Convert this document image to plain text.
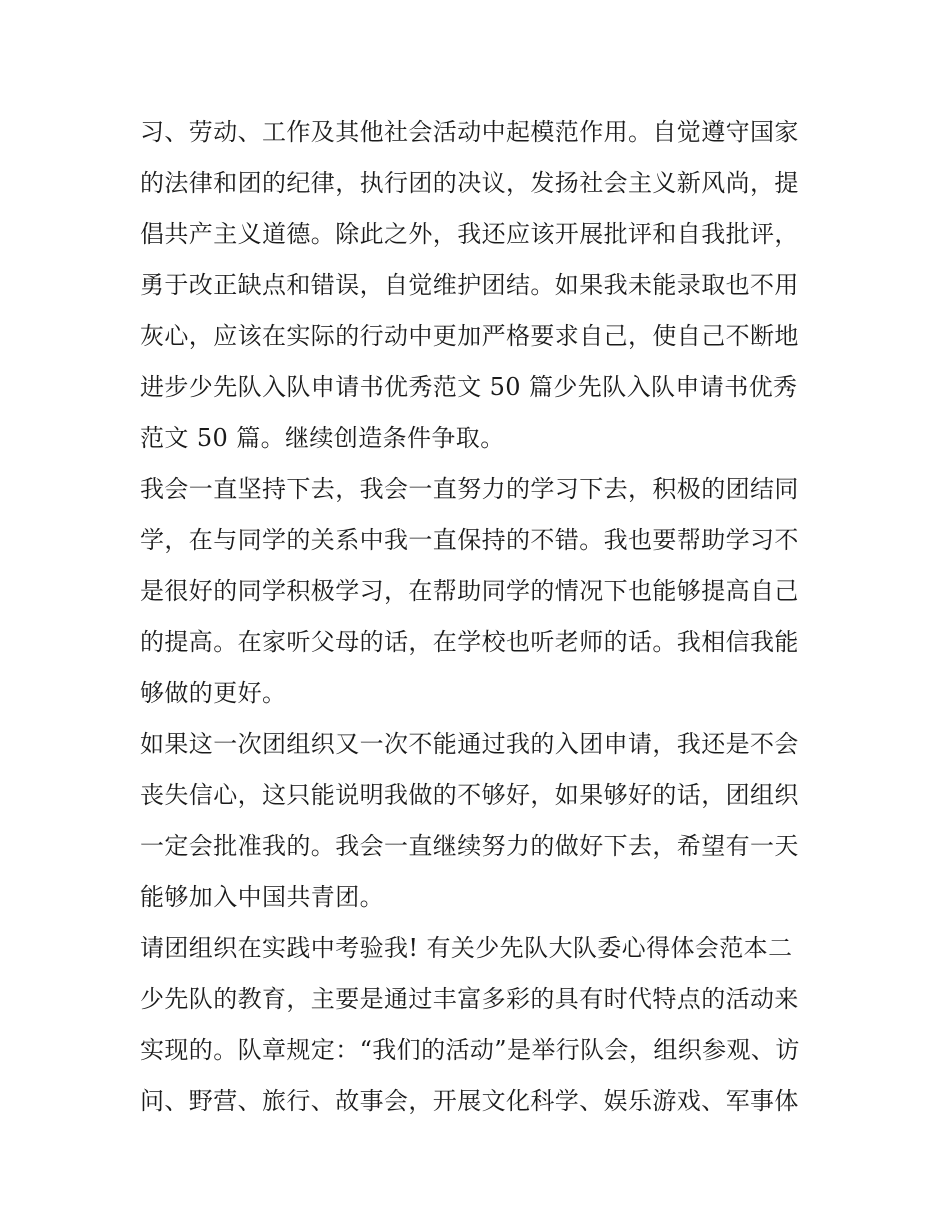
习、劳动、工作及其他社会活动中起模范作用。自觉遵守国家
的法律和团的纪律，执行团的决议，发扬社会主义新风尚，提
倡共产主义道德。除此之外，我还应该开展批评和自我批评，
勇于改正缺点和错误，自觉维护团结。如果我未能录取也不用
灰心，应该在实际的行动中更加严格要求自己，使自己不断地
进步少先队入队申请书优秀范文 50 篇少先队入队申请书优秀
范文 50 篇。继续创造条件争取。
我会一直坚持下去，我会一直努力的学习下去，积极的团结同
学，在与同学的关系中我一直保持的不错。我也要帮助学习不
是很好的同学积极学习，在帮助同学的情况下也能够提高自己
的提高。在家听父母的话，在学校也听老师的话。我相信我能
够做的更好。
如果这一次团组织又一次不能通过我的入团申请，我还是不会
丧失信心，这只能说明我做的不够好，如果够好的话，团组织
一定会批准我的。我会一直继续努力的做好下去，希望有一天
能够加入中国共青团。
请团组织在实践中考验我! 有关少先队大队委心得体会范本二
少先队的教育，主要是通过丰富多彩的具有时代特点的活动来
实现的。队章规定：“我们的活动”是举行队会，组织参观、访
问、野营、旅行、故事会，开展文化科学、娱乐游戏、军事体
